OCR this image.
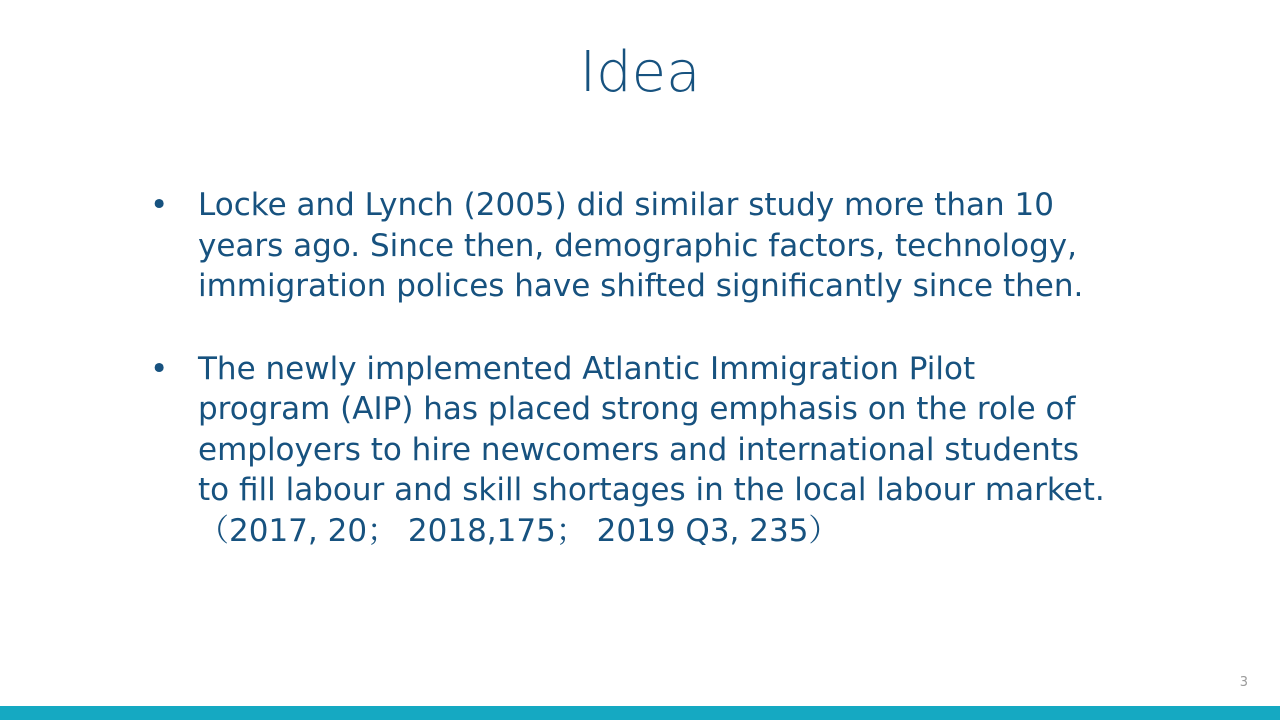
Idea
• Locke and Lynch (2005) did similar study more than 10 years ago. Since then, demographic factors, technology, immigration polices have shifted significantly since then.
• The newly implemented Atlantic Immigration Pilot program (AIP) has placed strong emphasis on the role of employers to hire newcomers and international students to fill labour and skill shortages in the local labour market. （2017, 20； 2018,175； 2019 Q3, 235）
3
